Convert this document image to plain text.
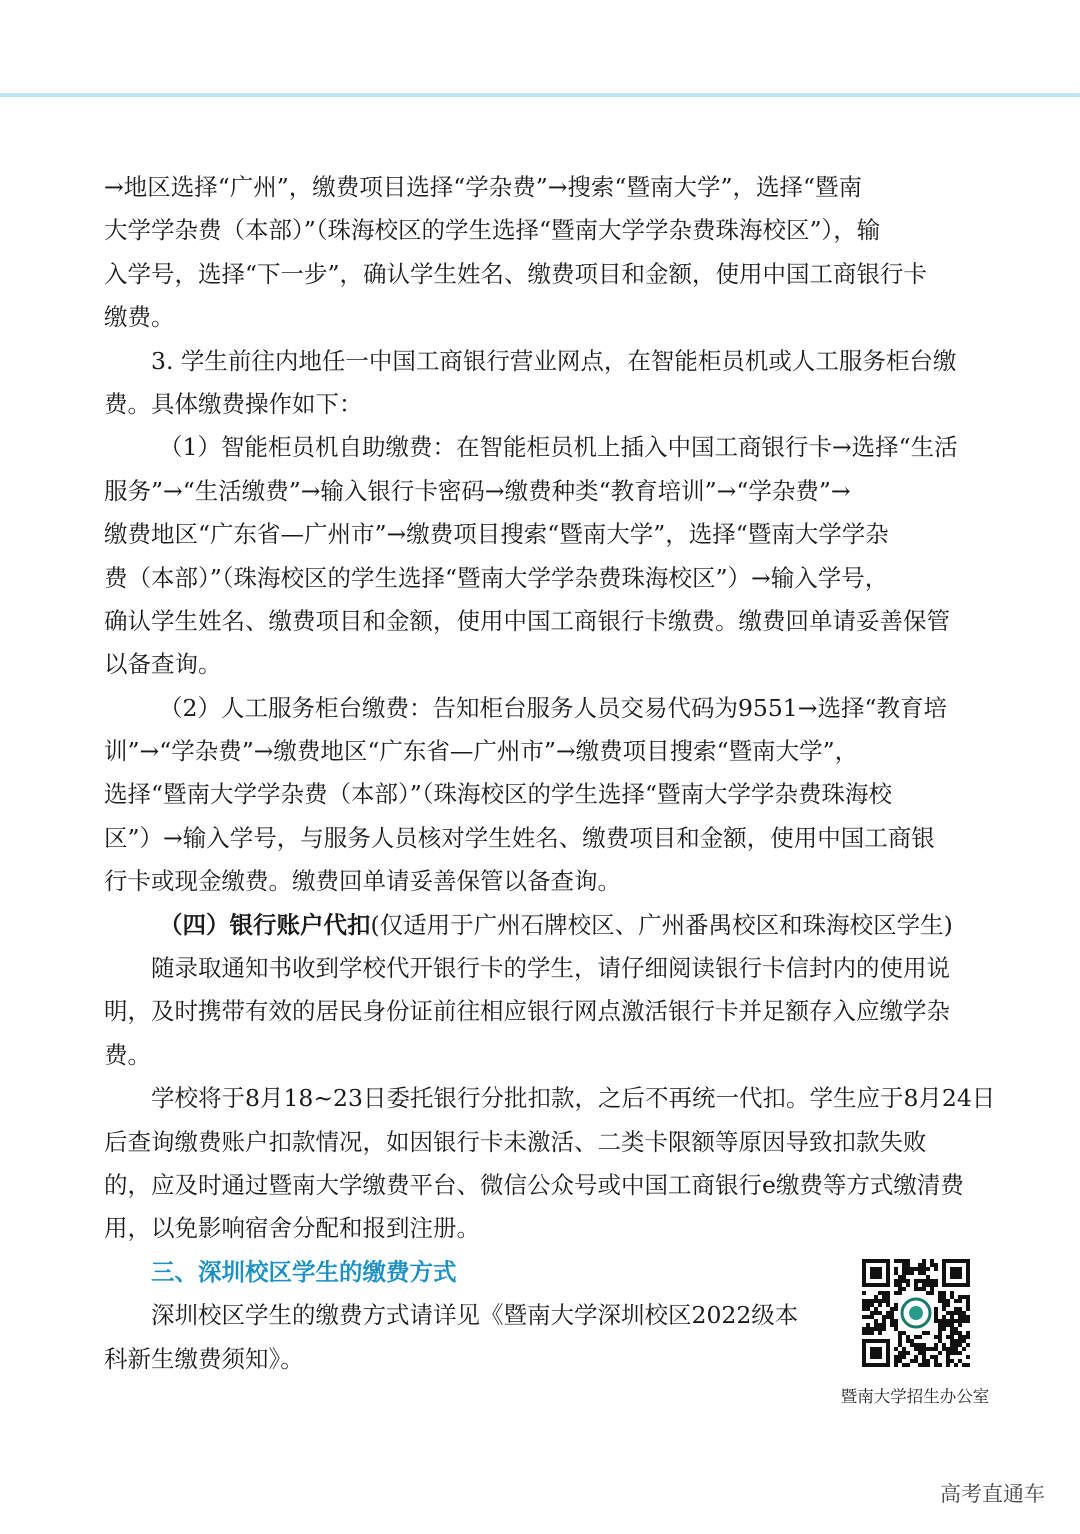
→地区选择“广州”，缴费项目选择“学杂费”→搜索“暨南大学”，选择“暨南
大学学杂费（本部）”（珠海校区的学生选择“暨南大学学杂费珠海校区”），输
入学号，选择“下一步”，确认学生姓名、缴费项目和金额，使用中国工商银行卡
缴费。
3. 学生前往内地任一中国工商银行营业网点，在智能柜员机或人工服务柜台缴
费。具体缴费操作如下：
（1）智能柜员机自助缴费：在智能柜员机上插入中国工商银行卡→选择“生活
服务”→“生活缴费”→输入银行卡密码→缴费种类“教育培训”→“学杂费”→
缴费地区“广东省—广州市”→缴费项目搜索“暨南大学”，选择“暨南大学学杂
费（本部）”（珠海校区的学生选择“暨南大学学杂费珠海校区”）→输入学号，
确认学生姓名、缴费项目和金额，使用中国工商银行卡缴费。缴费回单请妥善保管
以备查询。
（2）人工服务柜台缴费：告知柜台服务人员交易代码为9551→选择“教育培
训”→“学杂费”→缴费地区“广东省—广州市”→缴费项目搜索“暨南大学”，
选择“暨南大学学杂费（本部）”（珠海校区的学生选择“暨南大学学杂费珠海校
区”）→输入学号，与服务人员核对学生姓名、缴费项目和金额，使用中国工商银
行卡或现金缴费。缴费回单请妥善保管以备查询。
（四）银行账户代扣(仅适用于广州石牌校区、广州番禺校区和珠海校区学生)
随录取通知书收到学校代开银行卡的学生，请仔细阅读银行卡信封内的使用说
明，及时携带有效的居民身份证前往相应银行网点激活银行卡并足额存入应缴学杂
费。
学校将于8月18~23日委托银行分批扣款，之后不再统一代扣。学生应于8月24日
后查询缴费账户扣款情况，如因银行卡未激活、二类卡限额等原因导致扣款失败
的，应及时通过暨南大学缴费平台、微信公众号或中国工商银行e缴费等方式缴清费
用，以免影响宿舍分配和报到注册。
三、深圳校区学生的缴费方式
深圳校区学生的缴费方式请详见《暨南大学深圳校区2022级本
科新生缴费须知》。
暨南大学招生办公室
高考直通车
